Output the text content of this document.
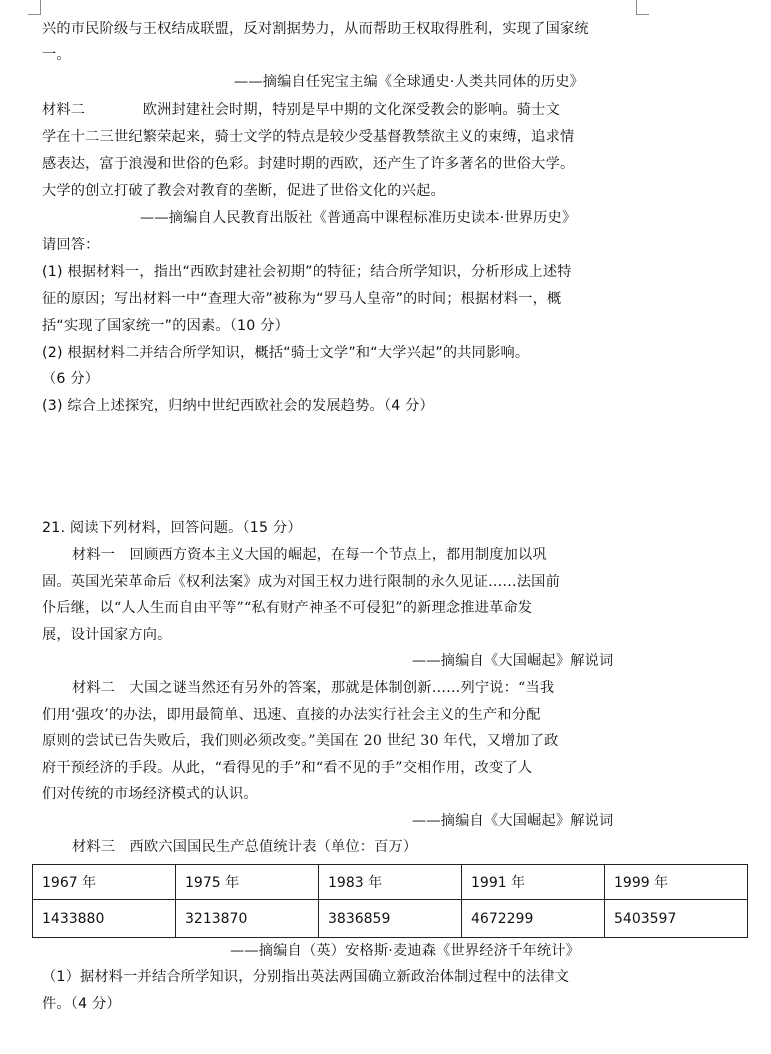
兴的市民阶级与王权结成联盟，反对割据势力，从而帮助王权取得胜利，实现了国家统
一。
——摘编自任宪宝主编《全球通史·人类共同体的历史》
材料二　　　　欧洲封建社会时期，特别是早中期的文化深受教会的影响。骑士文
学在十二三世纪繁荣起来，骑士文学的特点是较少受基督教禁欲主义的束缚，追求情
感表达，富于浪漫和世俗的色彩。封建时期的西欧，还产生了许多著名的世俗大学。
大学的创立打破了教会对教育的垄断，促进了世俗文化的兴起。
——摘编自人民教育出版社《普通高中课程标准历史读本·世界历史》
请回答：
(1) 根据材料一，指出“西欧封建社会初期”的特征；结合所学知识，分析形成上述特
征的原因；写出材料一中“查理大帝”被称为“罗马人皇帝”的时间；根据材料一，概
括“实现了国家统一”的因素。（10 分）
(2) 根据材料二并结合所学知识，概括“骑士文学”和“大学兴起”的共同影响。
（6 分）
(3) 综合上述探究，归纳中世纪西欧社会的发展趋势。（4 分）
21. 阅读下列材料，回答问题。（15 分）
材料一　回顾西方资本主义大国的崛起，在每一个节点上，都用制度加以巩
固。英国光荣革命后《权利法案》成为对国王权力进行限制的永久见证……法国前
仆后继，以“人人生而自由平等”“私有财产神圣不可侵犯”的新理念推进革命发
展，设计国家方向。
——摘编自《大国崛起》解说词
材料二　大国之谜当然还有另外的答案，那就是体制创新……列宁说：“当我
们用‘强攻’的办法，即用最简单、迅速、直接的办法实行社会主义的生产和分配
原则的尝试已告失败后，我们则必须改变。”美国在 20 世纪 30 年代，又增加了政
府干预经济的手段。从此，“看得见的手”和“看不见的手”交相作用，改变了人
们对传统的市场经济模式的认识。
——摘编自《大国崛起》解说词
材料三　西欧六国国民生产总值统计表（单位：百万）
1967 年	1975 年	1983 年	1991 年	1999 年
1433880	3213870	3836859	4672299	5403597
——摘编自（英）安格斯·麦迪森《世界经济千年统计》
（1）据材料一并结合所学知识，分别指出英法两国确立新政治体制过程中的法律文
件。（4 分）
